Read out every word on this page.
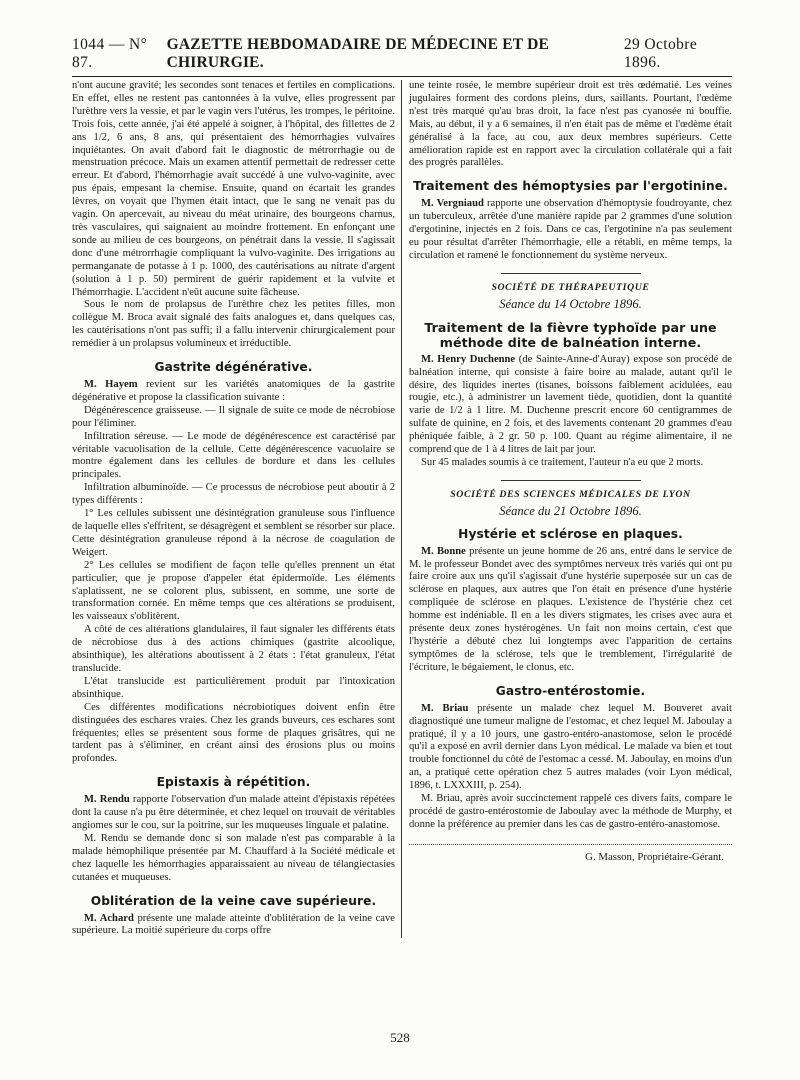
1044 — N° 87.
GAZETTE HEBDOMADAIRE DE MÉDECINE ET DE CHIRURGIE.
29 Octobre 1896.

n'ont aucune gravité; les secondes sont tenaces et fertiles en complications. En effet, elles ne restent pas cantonnées à la vulve, elles progressent par l'urèthre vers la vessie, et par le vagin vers l'utérus, les trompes, le péritoine. Trois fois, cette année, j'ai été appelé à soigner, à l'hôpital, des fillettes de 2 ans 1/2, 6 ans, 8 ans, qui présentaient des hémorrhagies vulvaires inquiétantes. On avait d'abord fait le diagnostic de métrorrhagie ou de menstruation précoce. Mais un examen attentif permettait de redresser cette erreur. Et d'abord, l'hémorrhagie avait succédé à une vulvo-vaginite, avec pus épais, empesant la chemise. Ensuite, quand on écartait les grandes lèvres, on voyait que l'hymen était intact, que le sang ne venait pas du vagin. On apercevait, au niveau du méat urinaire, des bourgeons charnus, très vasculaires, qui saignaient au moindre frottement. En enfonçant une sonde au milieu de ces bourgeons, on pénétrait dans la vessie. Il s'agissait donc d'une métrorrhagie compliquant la vulvo-vaginite. Des irrigations au permanganate de potasse à 1 p. 1000, des cautérisations au nitrate d'argent (solution à 1 p. 50) permirent de guérir rapidement et la vulvite et l'hémorrhagie. L'accident n'eût aucune suite fâcheuse.

Sous le nom de prolapsus de l'urèthre chez les petites filles, mon collègue M. Broca avait signalé des faits analogues et, dans quelques cas, les cautérisations n'ont pas suffi; il a fallu intervenir chirurgicalement pour remédier à un prolapsus volumineux et irréductible.

Gastrite dégénérative.

M. Hayem revient sur les variétés anatomiques de la gastrite dégénérative et propose la classification suivante :

Dégénérescence graisseuse. — Il signale de suite ce mode de nécrobiose pour l'éliminer.

Infiltration séreuse. — Le mode de dégénérescence est caractérisé par véritable vacuolisation de la cellule. Cette dégénérescence vacuolaire se montre également dans les cellules de bordure et dans les cellules principales.

Infiltration albuminoïde. — Ce processus de nécrobiose peut aboutir à 2 types différents :

1° Les cellules subissent une désintégration granuleuse sous l'influence de laquelle elles s'effritent, se désagrègent et semblent se résorber sur place. Cette désintégration granuleuse répond à la nécrose de coagulation de Weigert.

2° Les cellules se modifient de façon telle qu'elles prennent un état particulier, que je propose d'appeler état épidermoïde. Les éléments s'aplatissent, ne se colorent plus, subissent, en somme, une sorte de transformation cornée. En même temps que ces altérations se produisent, les vaisseaux s'oblitèrent.

A côté de ces altérations glandulaires, il faut signaler les différents états de nécrobiose dus à des actions chimiques (gastrite alcoolique, absinthique), les altérations aboutissent à 2 états : l'état granuleux, l'état translucide.

L'état translucide est particulièrement produit par l'intoxication absinthique.

Ces différentes modifications nécrobiotiques doivent enfin être distinguées des eschares vraies. Chez les grands buveurs, ces eschares sont fréquentes; elles se présentent sous forme de plaques grisâtres, qui ne tardent pas à s'éliminer, en créant ainsi des érosions plus ou moins profondes.

Epistaxis à répétition.

M. Rendu rapporte l'observation d'un malade atteint d'épistaxis répétées dont la cause n'a pu être déterminée, et chez lequel on trouvait de véritables angiomes sur le cou, sur la poitrine, sur les muqueuses linguale et palatine.

M. Rendu se demande donc si son malade n'est pas comparable à la malade hémophilique présentée par M. Chauffard à la Société médicale et chez laquelle les hémorrhagies apparaissaient au niveau de télangiectasies cutanées et muqueuses.

Oblitération de la veine cave supérieure.

M. Achard présente une malade atteinte d'oblitération de la veine cave supérieure. La moitié supérieure du corps offre

une teinte rosée, le membre supérieur droit est très œdématié. Les veines jugulaires forment des cordons pleins, durs, saillants. Pourtant, l'œdème n'est très marqué qu'au bras droit, la face n'est pas cyanosée ni bouffie. Mais, au début, il y a 6 semaines, il n'en était pas de même et l'œdème était généralisé à la face, au cou, aux deux membres supérieurs. Cette amélioration rapide est en rapport avec la circulation collatérale qui a fait des progrès parallèles.

Traitement des hémoptysies par l'ergotinine.

M. Vergniaud rapporte une observation d'hémoptysie foudroyante, chez un tuberculeux, arrêtée d'une manière rapide par 2 grammes d'une solution d'ergotinine, injectés en 2 fois. Dans ce cas, l'ergotinine n'a pas seulement eu pour résultat d'arrêter l'hémorrhagie, elle a rétabli, en même temps, la circulation et ramené le fonctionnement du système nerveux.

SOCIÉTÉ DE THÉRAPEUTIQUE
Séance du 14 Octobre 1896.
Traitement de la fièvre typhoïde par une méthode dite de balnéation interne.

M. Henry Duchenne (de Sainte-Anne-d'Auray) expose son procédé de balnéation interne, qui consiste à faire boire au malade, autant qu'il le désire, des liquides inertes (tisanes, boissons faiblement acidulées, eau rougie, etc.), à administrer un lavement tiède, quotidien, dont la quantité varie de 1/2 à 1 litre. M. Duchenne prescrit encore 60 centigrammes de sulfate de quinine, en 2 fois, et des lavements contenant 20 grammes d'eau phéniquée faible, à 2 gr. 50 p. 100. Quant au régime alimentaire, il ne comprend que de 1 à 4 litres de lait par jour.

Sur 45 malades soumis à ce traitement, l'auteur n'a eu que 2 morts.

SOCIÉTÉ DES SCIENCES MÉDICALES DE LYON
Séance du 21 Octobre 1896.
Hystérie et sclérose en plaques.

M. Bonne présente un jeune homme de 26 ans, entré dans le service de M. le professeur Bondet avec des symptômes nerveux très variés qui ont pu faire croire aux uns qu'il s'agissait d'une hystérie superposée sur un cas de sclérose en plaques, aux autres que l'on était en présence d'une hystérie compliquée de sclérose en plaques. L'existence de l'hystérie chez cet homme est indéniable. Il en a les divers stigmates, les crises avec aura et présente deux zones hystérogènes. Un fait non moins certain, c'est que l'hystérie a débuté chez lui longtemps avec l'apparition de certains symptômes de la sclérose, tels que le tremblement, l'irrégularité de l'écriture, le bégaiement, le clonus, etc.

Gastro-entérostomie.

M. Briau présente un malade chez lequel M. Bouveret avait diagnostiqué une tumeur maligne de l'estomac, et chez lequel M. Jaboulay a pratiqué, il y a 10 jours, une gastro-entéro-anastomose, selon le procédé qu'il a exposé en avril dernier dans Lyon médical. Le malade va bien et tout trouble fonctionnel du côté de l'estomac a cessé. M. Jaboulay, en moins d'un an, a pratiqué cette opération chez 5 autres malades (voir Lyon médical, 1896, t. LXXXIII, p. 254).

M. Briau, après avoir succinctement rappelé ces divers faits, compare le procédé de gastro-entérostomie de Jaboulay avec la méthode de Murphy, et donne la préférence au premier dans les cas de gastro-entéro-anastomose.

G. Masson, Propriétaire-Gérant.
528
